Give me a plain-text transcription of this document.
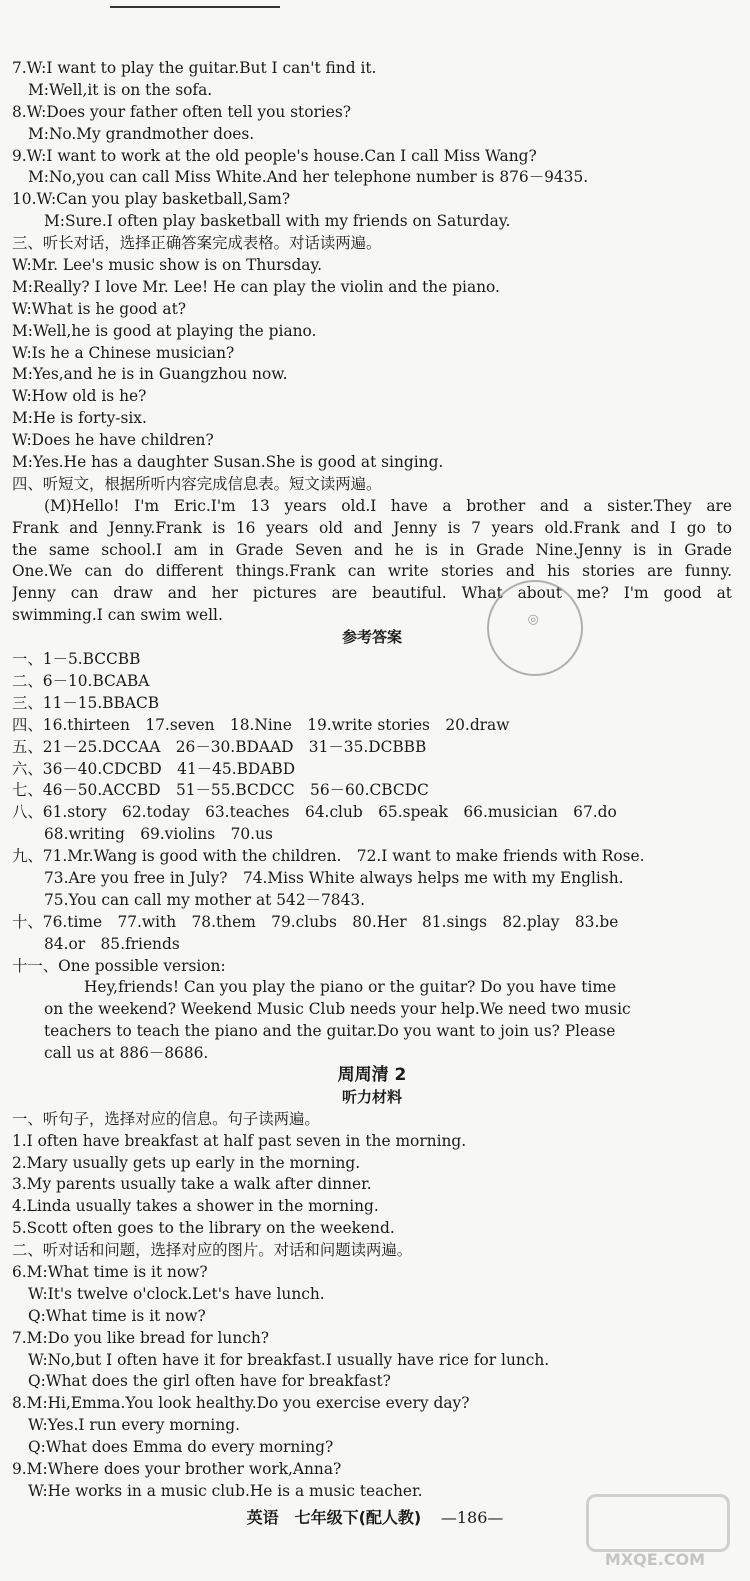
7.W:I want to play the guitar.But I can't find it.
M:Well,it is on the sofa.
8.W:Does your father often tell you stories?
M:No.My grandmother does.
9.W:I want to work at the old people's house.Can I call Miss Wang?
M:No,you can call Miss White.And her telephone number is 876－9435.
10.W:Can you play basketball,Sam?
M:Sure.I often play basketball with my friends on Saturday.
三、听长对话，选择正确答案完成表格。对话读两遍。
W:Mr. Lee's music show is on Thursday.
M:Really? I love Mr. Lee! He can play the violin and the piano.
W:What is he good at?
M:Well,he is good at playing the piano.
W:Is he a Chinese musician?
M:Yes,and he is in Guangzhou now.
W:How old is he?
M:He is forty-six.
W:Does he have children?
M:Yes.He has a daughter Susan.She is good at singing.
四、听短文，根据所听内容完成信息表。短文读两遍。
(M)Hello! I'm Eric.I'm 13 years old.I have a brother and a sister.They are
Frank and Jenny.Frank is 16 years old and Jenny is 7 years old.Frank and I go to
the same school.I am in Grade Seven and he is in Grade Nine.Jenny is in Grade
One.We can do different things.Frank can write stories and his stories are funny.
Jenny can draw and her pictures are beautiful. What about me? I'm good at
swimming.I can swim well.
参考答案
一、1－5.BCCBB
二、6－10.BCABA
三、11－15.BBACB
四、16.thirteen　17.seven　18.Nine　19.write stories　20.draw
五、21－25.DCCAA　26－30.BDAAD　31－35.DCBBB
六、36－40.CDCBD　41－45.BDABD
七、46－50.ACCBD　51－55.BCDCC　56－60.CBCDC
八、61.story　62.today　63.teaches　64.club　65.speak　66.musician　67.do
68.writing　69.violins　70.us
九、71.Mr.Wang is good with the children.　72.I want to make friends with Rose.
73.Are you free in July?　74.Miss White always helps me with my English.
75.You can call my mother at 542－7843.
十、76.time　77.with　78.them　79.clubs　80.Her　81.sings　82.play　83.be
84.or　85.friends
十一、One possible version:
Hey,friends! Can you play the piano or the guitar? Do you have time
on the weekend? Weekend Music Club needs your help.We need two music
teachers to teach the piano and the guitar.Do you want to join us? Please
call us at 886－8686.
周周清 2
听力材料
一、听句子，选择对应的信息。句子读两遍。
1.I often have breakfast at half past seven in the morning.
2.Mary usually gets up early in the morning.
3.My parents usually take a walk after dinner.
4.Linda usually takes a shower in the morning.
5.Scott often goes to the library on the weekend.
二、听对话和问题，选择对应的图片。对话和问题读两遍。
6.M:What time is it now?
W:It's twelve o'clock.Let's have lunch.
Q:What time is it now?
7.M:Do you like bread for lunch?
W:No,but I often have it for breakfast.I usually have rice for lunch.
Q:What does the girl often have for breakfast?
8.M:Hi,Emma.You look healthy.Do you exercise every day?
W:Yes.I run every morning.
Q:What does Emma do every morning?
9.M:Where does your brother work,Anna?
W:He works in a music club.He is a music teacher.
◎
英语　七年级下(配人教) —186—
MXQE.COM
